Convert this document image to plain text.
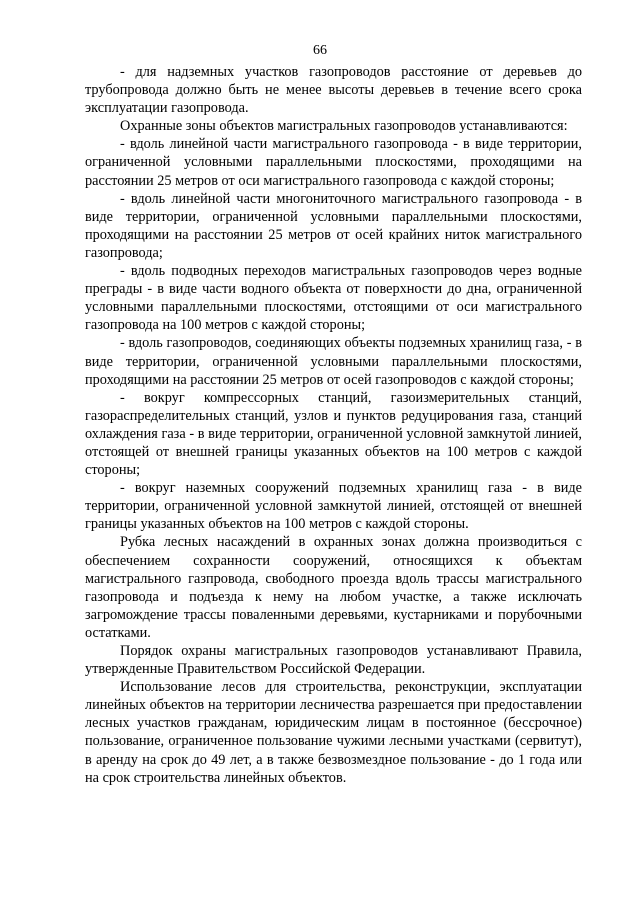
66

- для надземных участков газопроводов расстояние от деревьев до трубопровода должно быть не менее высоты деревьев в течение всего срока эксплуатации газопровода.

Охранные зоны объектов магистральных газопроводов устанавливаются:

- вдоль линейной части магистрального газопровода - в виде территории, ограниченной условными параллельными плоскостями, проходящими на расстоянии 25 метров от оси магистрального газопровода с каждой стороны;

- вдоль линейной части многониточного магистрального газопровода - в виде территории, ограниченной условными параллельными плоскостями, проходящими на расстоянии 25 метров от осей крайних ниток магистрального газопровода;

- вдоль подводных переходов магистральных газопроводов через водные преграды - в виде части водного объекта от поверхности до дна, ограниченной условными параллельными плоскостями, отстоящими от оси магистрального газопровода на 100 метров с каждой стороны;

- вдоль газопроводов, соединяющих объекты подземных хранилищ газа, - в виде территории, ограниченной условными параллельными плоскостями, проходящими на расстоянии 25 метров от осей газопроводов с каждой стороны;

- вокруг компрессорных станций, газоизмерительных станций, газораспределительных станций, узлов и пунктов редуцирования газа, станций охлаждения газа - в виде территории, ограниченной условной замкнутой линией, отстоящей от внешней границы указанных объектов на 100 метров с каждой стороны;

- вокруг наземных сооружений подземных хранилищ газа - в виде территории, ограниченной условной замкнутой линией, отстоящей от внешней границы указанных объектов на 100 метров с каждой стороны.

Рубка лесных насаждений в охранных зонах должна производиться с обеспечением сохранности сооружений, относящихся к объектам магистрального газпровода, свободного проезда вдоль трассы магистрального газопровода и подъезда к нему на любом участке, а также исключать загромождение трассы поваленными деревьями, кустарниками и порубочными остатками.

Порядок охраны магистральных газопроводов устанавливают Правила, утвержденные Правительством Российской Федерации.

Использование лесов для строительства, реконструкции, эксплуатации линейных объектов на территории лесничества разрешается при предоставлении лесных участков гражданам, юридическим лицам в постоянное (бессрочное) пользование, ограниченное пользование чужими лесными участками (сервитут), в аренду на срок до 49 лет, а в также безвозмездное пользование - до 1 года или на срок строительства линейных объектов.
